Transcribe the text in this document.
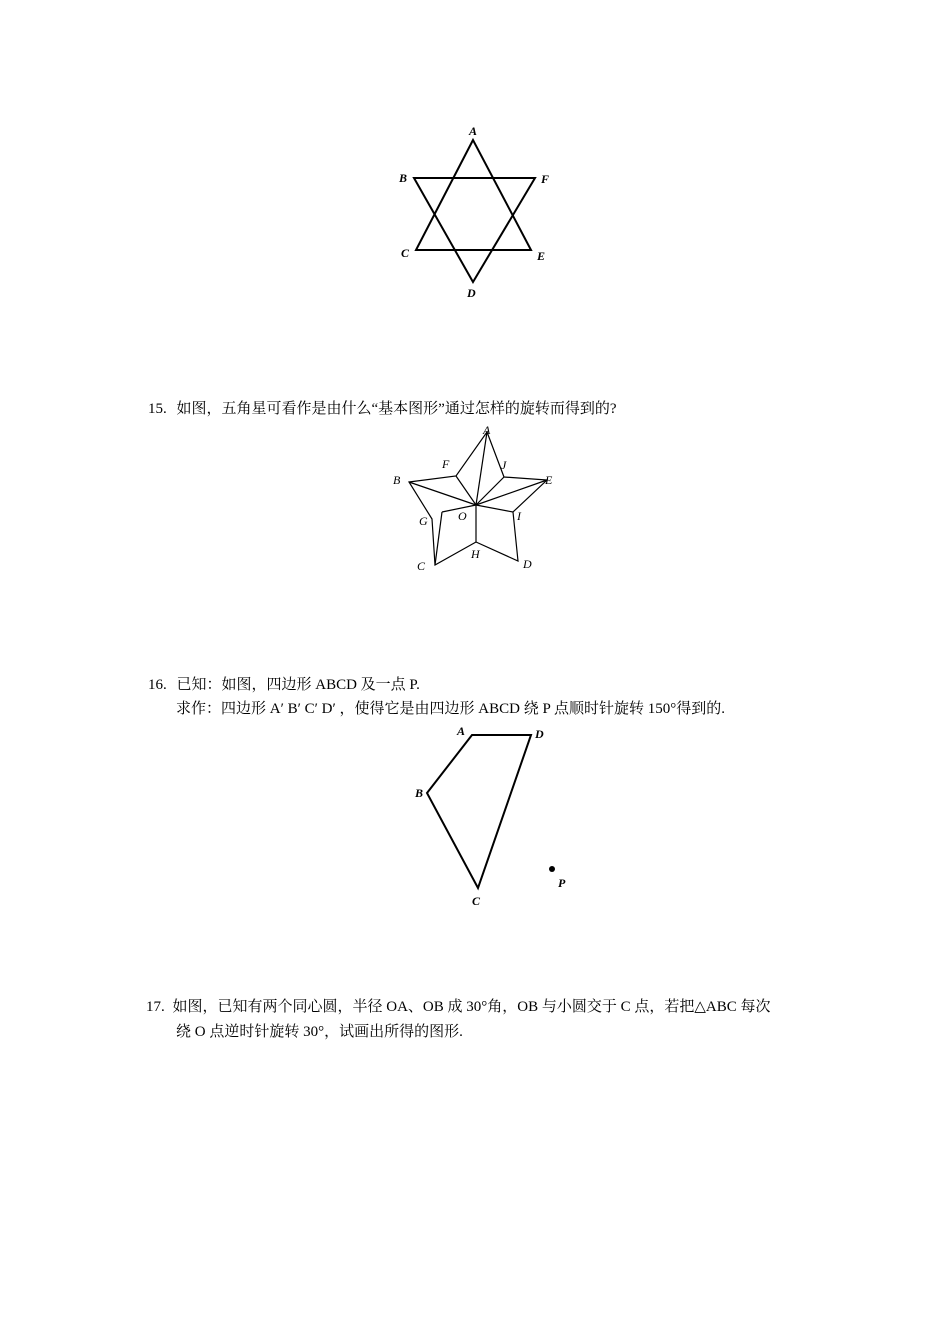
A
B	F
C	E
D
15. 如图，五角星可看作是由什么“基本图形”通过怎样的旋转而得到的?
A
F	J
B	E
G	O	I
H
C	D
16. 已知：如图，四边形 ABCD 及一点 P.
求作：四边形 A′ B′ C′ D′ ，使得它是由四边形 ABCD 绕 P 点顺时针旋转 150°得到的.
A	D
B
C
P
17. 如图，已知有两个同心圆，半径 OA、OB 成 30°角，OB 与小圆交于 C 点，若把△ABC 每次
绕 O 点逆时针旋转 30°，试画出所得的图形.
